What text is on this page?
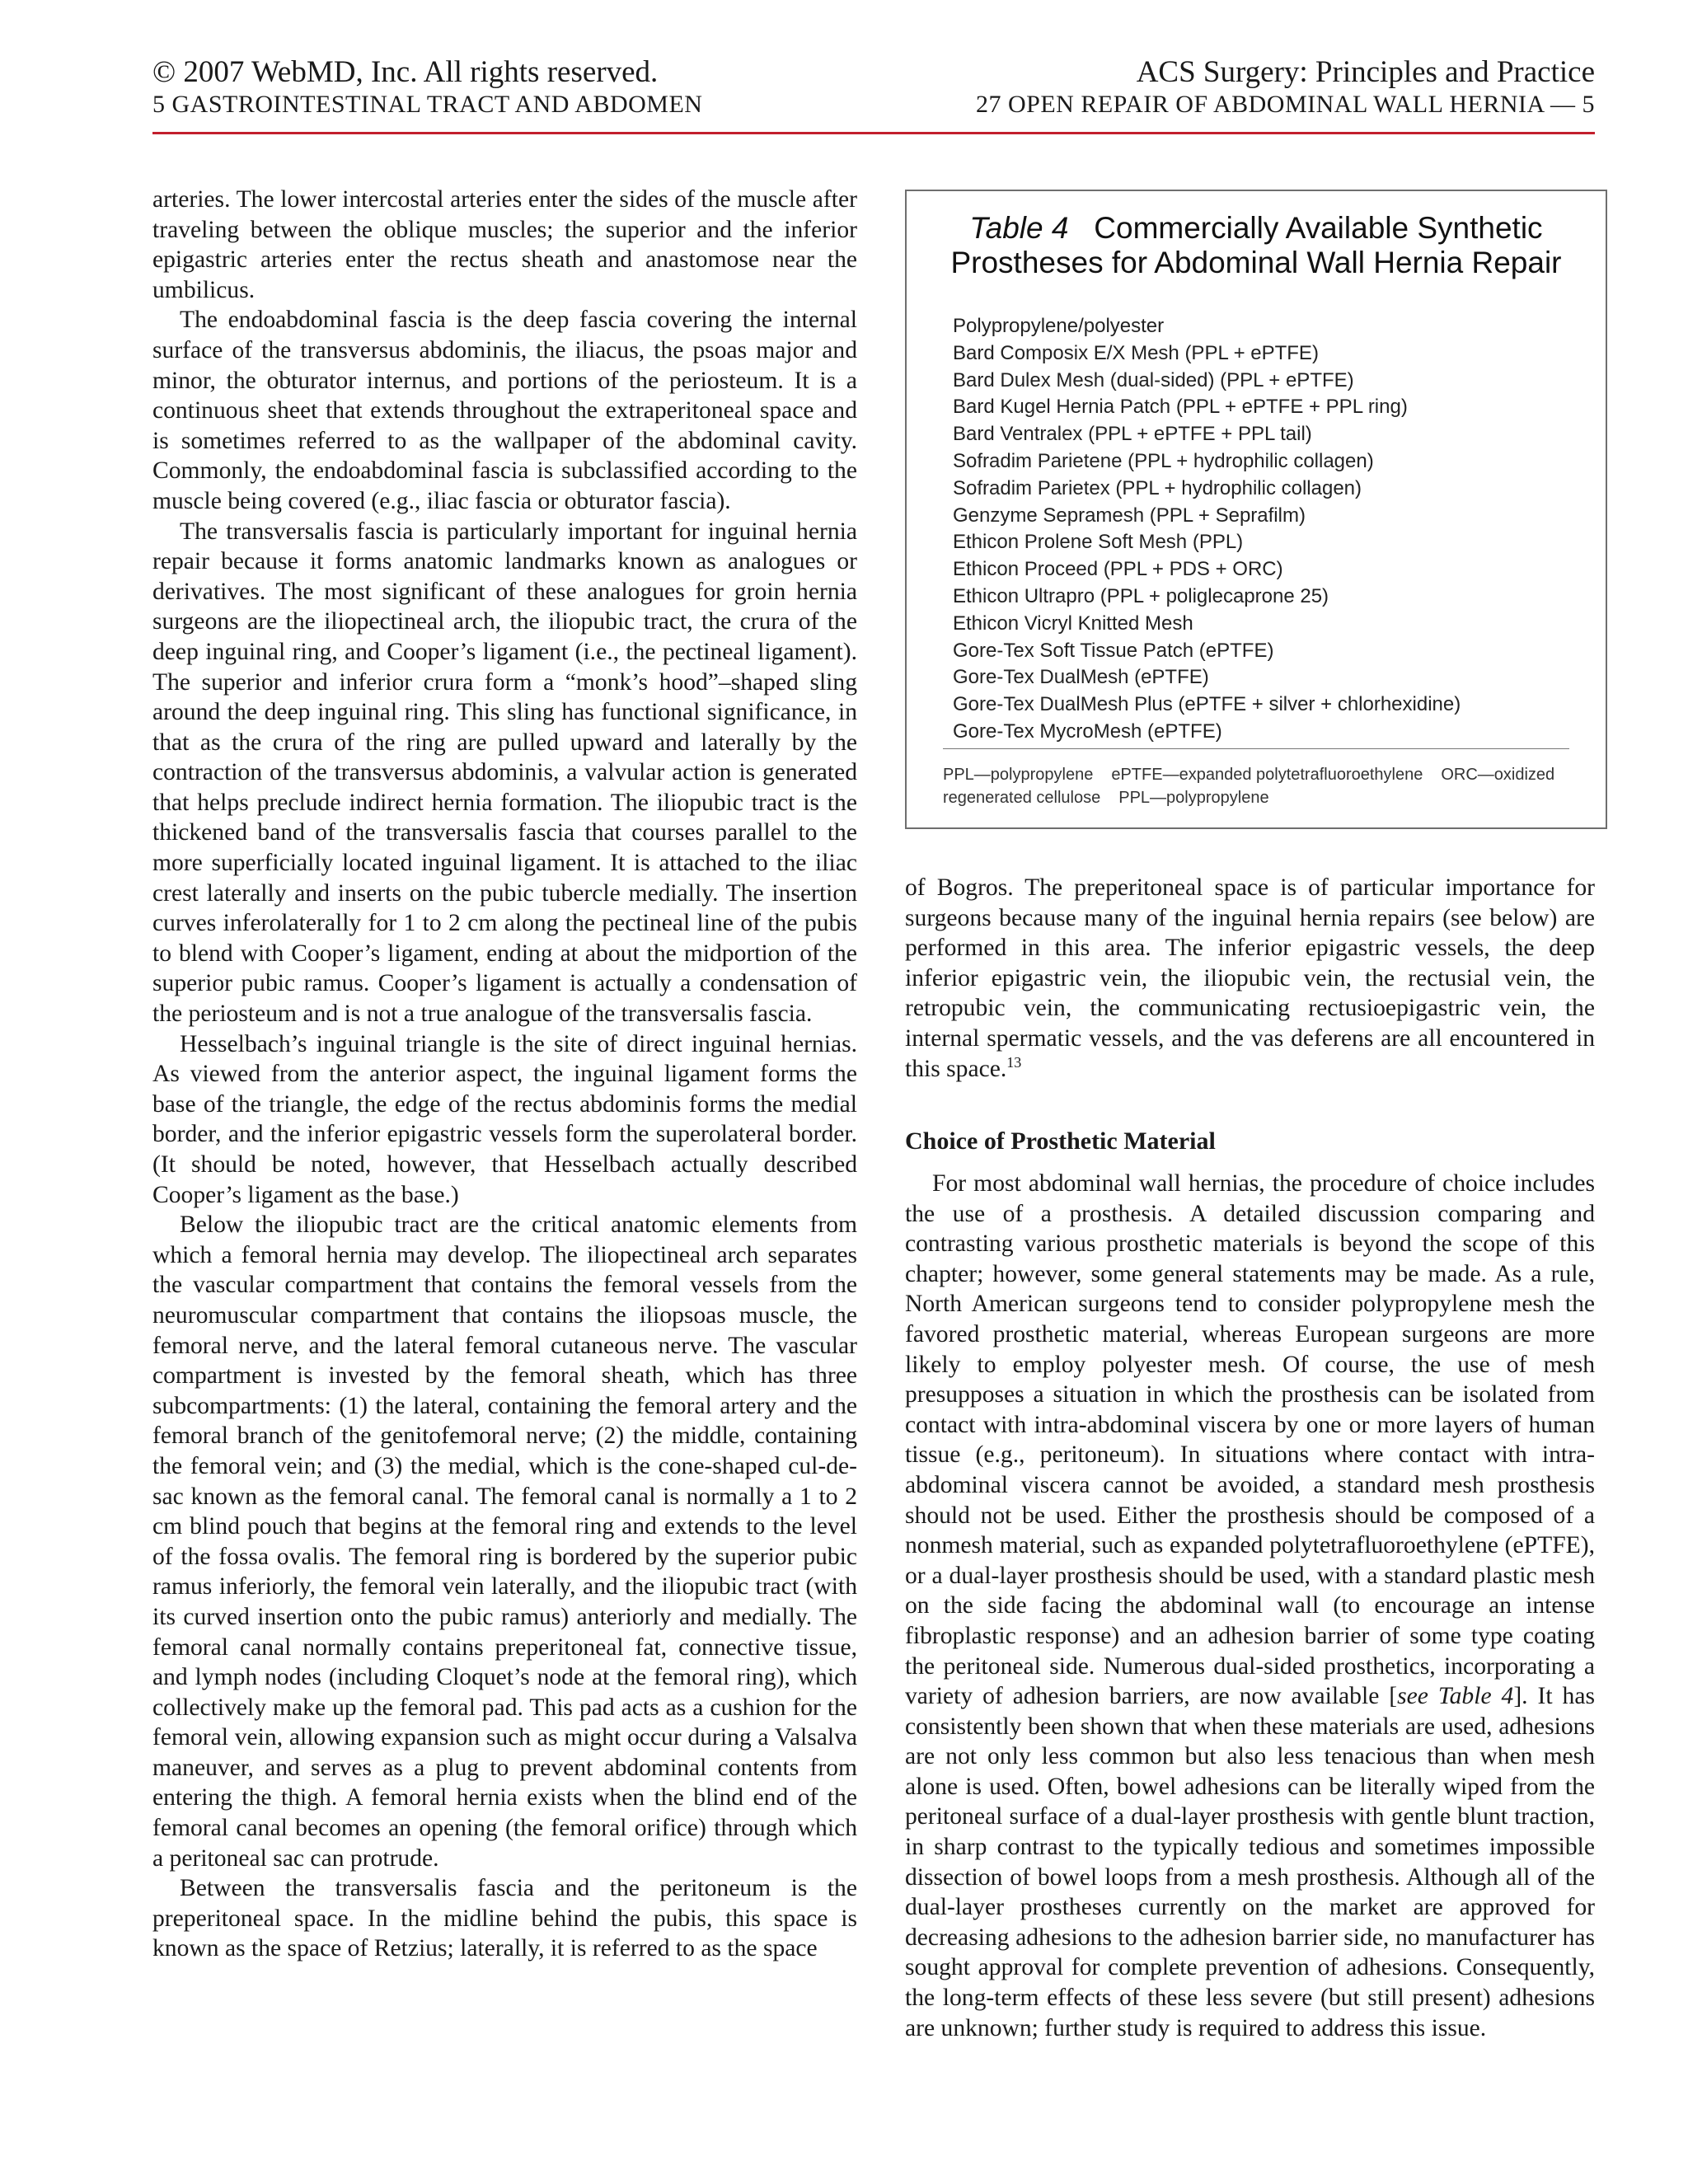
© 2007 WebMD, Inc. All rights reserved.	ACS Surgery: Principles and Practice
5 GASTROINTESTINAL TRACT AND ABDOMEN	27 OPEN REPAIR OF ABDOMINAL WALL HERNIA — 5

arteries. The lower intercostal arteries enter the sides of the muscle after traveling between the oblique muscles; the superior and the inferior epigastric arteries enter the rectus sheath and anastomose near the umbilicus.

The endoabdominal fascia is the deep fascia covering the internal surface of the transversus abdominis, the iliacus, the psoas major and minor, the obturator internus, and portions of the periosteum. It is a continuous sheet that extends throughout the extraperitoneal space and is sometimes referred to as the wallpaper of the abdominal cavity. Commonly, the endoabdominal fascia is subclassified according to the muscle being covered (e.g., iliac fascia or obturator fascia).

The transversalis fascia is particularly important for inguinal hernia repair because it forms anatomic landmarks known as analogues or derivatives. The most significant of these analogues for groin hernia surgeons are the iliopectineal arch, the iliopubic tract, the crura of the deep inguinal ring, and Cooper’s ligament (i.e., the pectineal ligament). The superior and inferior crura form a “monk’s hood”–shaped sling around the deep inguinal ring. This sling has functional significance, in that as the crura of the ring are pulled upward and laterally by the contraction of the transversus abdominis, a valvular action is generated that helps preclude indirect hernia formation. The iliopubic tract is the thickened band of the transversalis fascia that courses parallel to the more superficially located inguinal ligament. It is attached to the iliac crest laterally and inserts on the pubic tubercle medially. The insertion curves inferolaterally for 1 to 2 cm along the pectineal line of the pubis to blend with Cooper’s ligament, ending at about the midportion of the superior pubic ramus. Cooper’s ligament is actually a condensation of the periosteum and is not a true analogue of the transversalis fascia.

Hesselbach’s inguinal triangle is the site of direct inguinal hernias. As viewed from the anterior aspect, the inguinal ligament forms the base of the triangle, the edge of the rectus abdominis forms the medial border, and the inferior epigastric vessels form the superolateral border. (It should be noted, however, that Hesselbach actually described Cooper’s ligament as the base.)

Below the iliopubic tract are the critical anatomic elements from which a femoral hernia may develop. The iliopectineal arch separates the vascular compartment that contains the femoral vessels from the neuromuscular compartment that contains the iliopsoas muscle, the femoral nerve, and the lateral femoral cutaneous nerve. The vascular compartment is invested by the femoral sheath, which has three subcompartments: (1) the lateral, containing the femoral artery and the femoral branch of the genitofemoral nerve; (2) the middle, containing the femoral vein; and (3) the medial, which is the cone-shaped cul-de-sac known as the femoral canal. The femoral canal is normally a 1 to 2 cm blind pouch that begins at the femoral ring and extends to the level of the fossa ovalis. The femoral ring is bordered by the superior pubic ramus inferiorly, the femoral vein laterally, and the iliopubic tract (with its curved insertion onto the pubic ramus) anteriorly and medially. The femoral canal normally contains preperitoneal fat, connective tissue, and lymph nodes (including Cloquet’s node at the femoral ring), which collectively make up the femoral pad. This pad acts as a cushion for the femoral vein, allowing expansion such as might occur during a Valsalva maneuver, and serves as a plug to prevent abdominal contents from entering the thigh. A femoral hernia exists when the blind end of the femoral canal becomes an opening (the femoral orifice) through which a peritoneal sac can protrude.

Between the transversalis fascia and the peritoneum is the preperitoneal space. In the midline behind the pubis, this space is known as the space of Retzius; laterally, it is referred to as the space

Table 4 Commercially Available Synthetic
Prostheses for Abdominal Wall Hernia Repair
Polypropylene/polyester
Bard Composix E/X Mesh (PPL + ePTFE)
Bard Dulex Mesh (dual-sided) (PPL + ePTFE)
Bard Kugel Hernia Patch (PPL + ePTFE + PPL ring)
Bard Ventralex (PPL + ePTFE + PPL tail)
Sofradim Parietene (PPL + hydrophilic collagen)
Sofradim Parietex (PPL + hydrophilic collagen)
Genzyme Sepramesh (PPL + Seprafilm)
Ethicon Prolene Soft Mesh (PPL)
Ethicon Proceed (PPL + PDS + ORC)
Ethicon Ultrapro (PPL + poliglecaprone 25)
Ethicon Vicryl Knitted Mesh
Gore-Tex Soft Tissue Patch (ePTFE)
Gore-Tex DualMesh (ePTFE)
Gore-Tex DualMesh Plus (ePTFE + silver + chlorhexidine)
Gore-Tex MycroMesh (ePTFE)
PPL—polypropylene ePTFE—expanded polytetrafluoroethylene ORC—oxidized regenerated cellulose PPL—polypropylene

of Bogros. The preperitoneal space is of particular importance for surgeons because many of the inguinal hernia repairs (see below) are performed in this area. The inferior epigastric vessels, the deep inferior epigastric vein, the iliopubic vein, the rectusial vein, the retropubic vein, the communicating rectusioepigastric vein, the internal spermatic vessels, and the vas deferens are all encountered in this space.$^{13}$

Choice of Prosthetic Material

For most abdominal wall hernias, the procedure of choice includes the use of a prosthesis. A detailed discussion comparing and contrasting various prosthetic materials is beyond the scope of this chapter; however, some general statements may be made. As a rule, North American surgeons tend to consider polypropylene mesh the favored prosthetic material, whereas European surgeons are more likely to employ polyester mesh. Of course, the use of mesh presupposes a situation in which the prosthesis can be isolated from contact with intra-abdominal viscera by one or more layers of human tissue (e.g., peritoneum). In situations where contact with intra-abdominal viscera cannot be avoided, a standard mesh prosthesis should not be used. Either the prosthesis should be composed of a nonmesh material, such as expanded polytetrafluoroethylene (ePTFE), or a dual-layer prosthesis should be used, with a standard plastic mesh on the side facing the abdominal wall (to encourage an intense fibroplastic response) and an adhesion barrier of some type coating the peritoneal side. Numerous dual-sided prosthetics, incorporating a variety of adhesion barriers, are now available [see Table 4]. It has consistently been shown that when these materials are used, adhesions are not only less common but also less tenacious than when mesh alone is used. Often, bowel adhesions can be literally wiped from the peritoneal surface of a dual-layer prosthesis with gentle blunt traction, in sharp contrast to the typically tedious and sometimes impossible dissection of bowel loops from a mesh prosthesis. Although all of the dual-layer prostheses currently on the market are approved for decreasing adhesions to the adhesion barrier side, no manufacturer has sought approval for complete prevention of adhesions. Consequently, the long-term effects of these less severe (but still present) adhesions are unknown; further study is required to address this issue.
